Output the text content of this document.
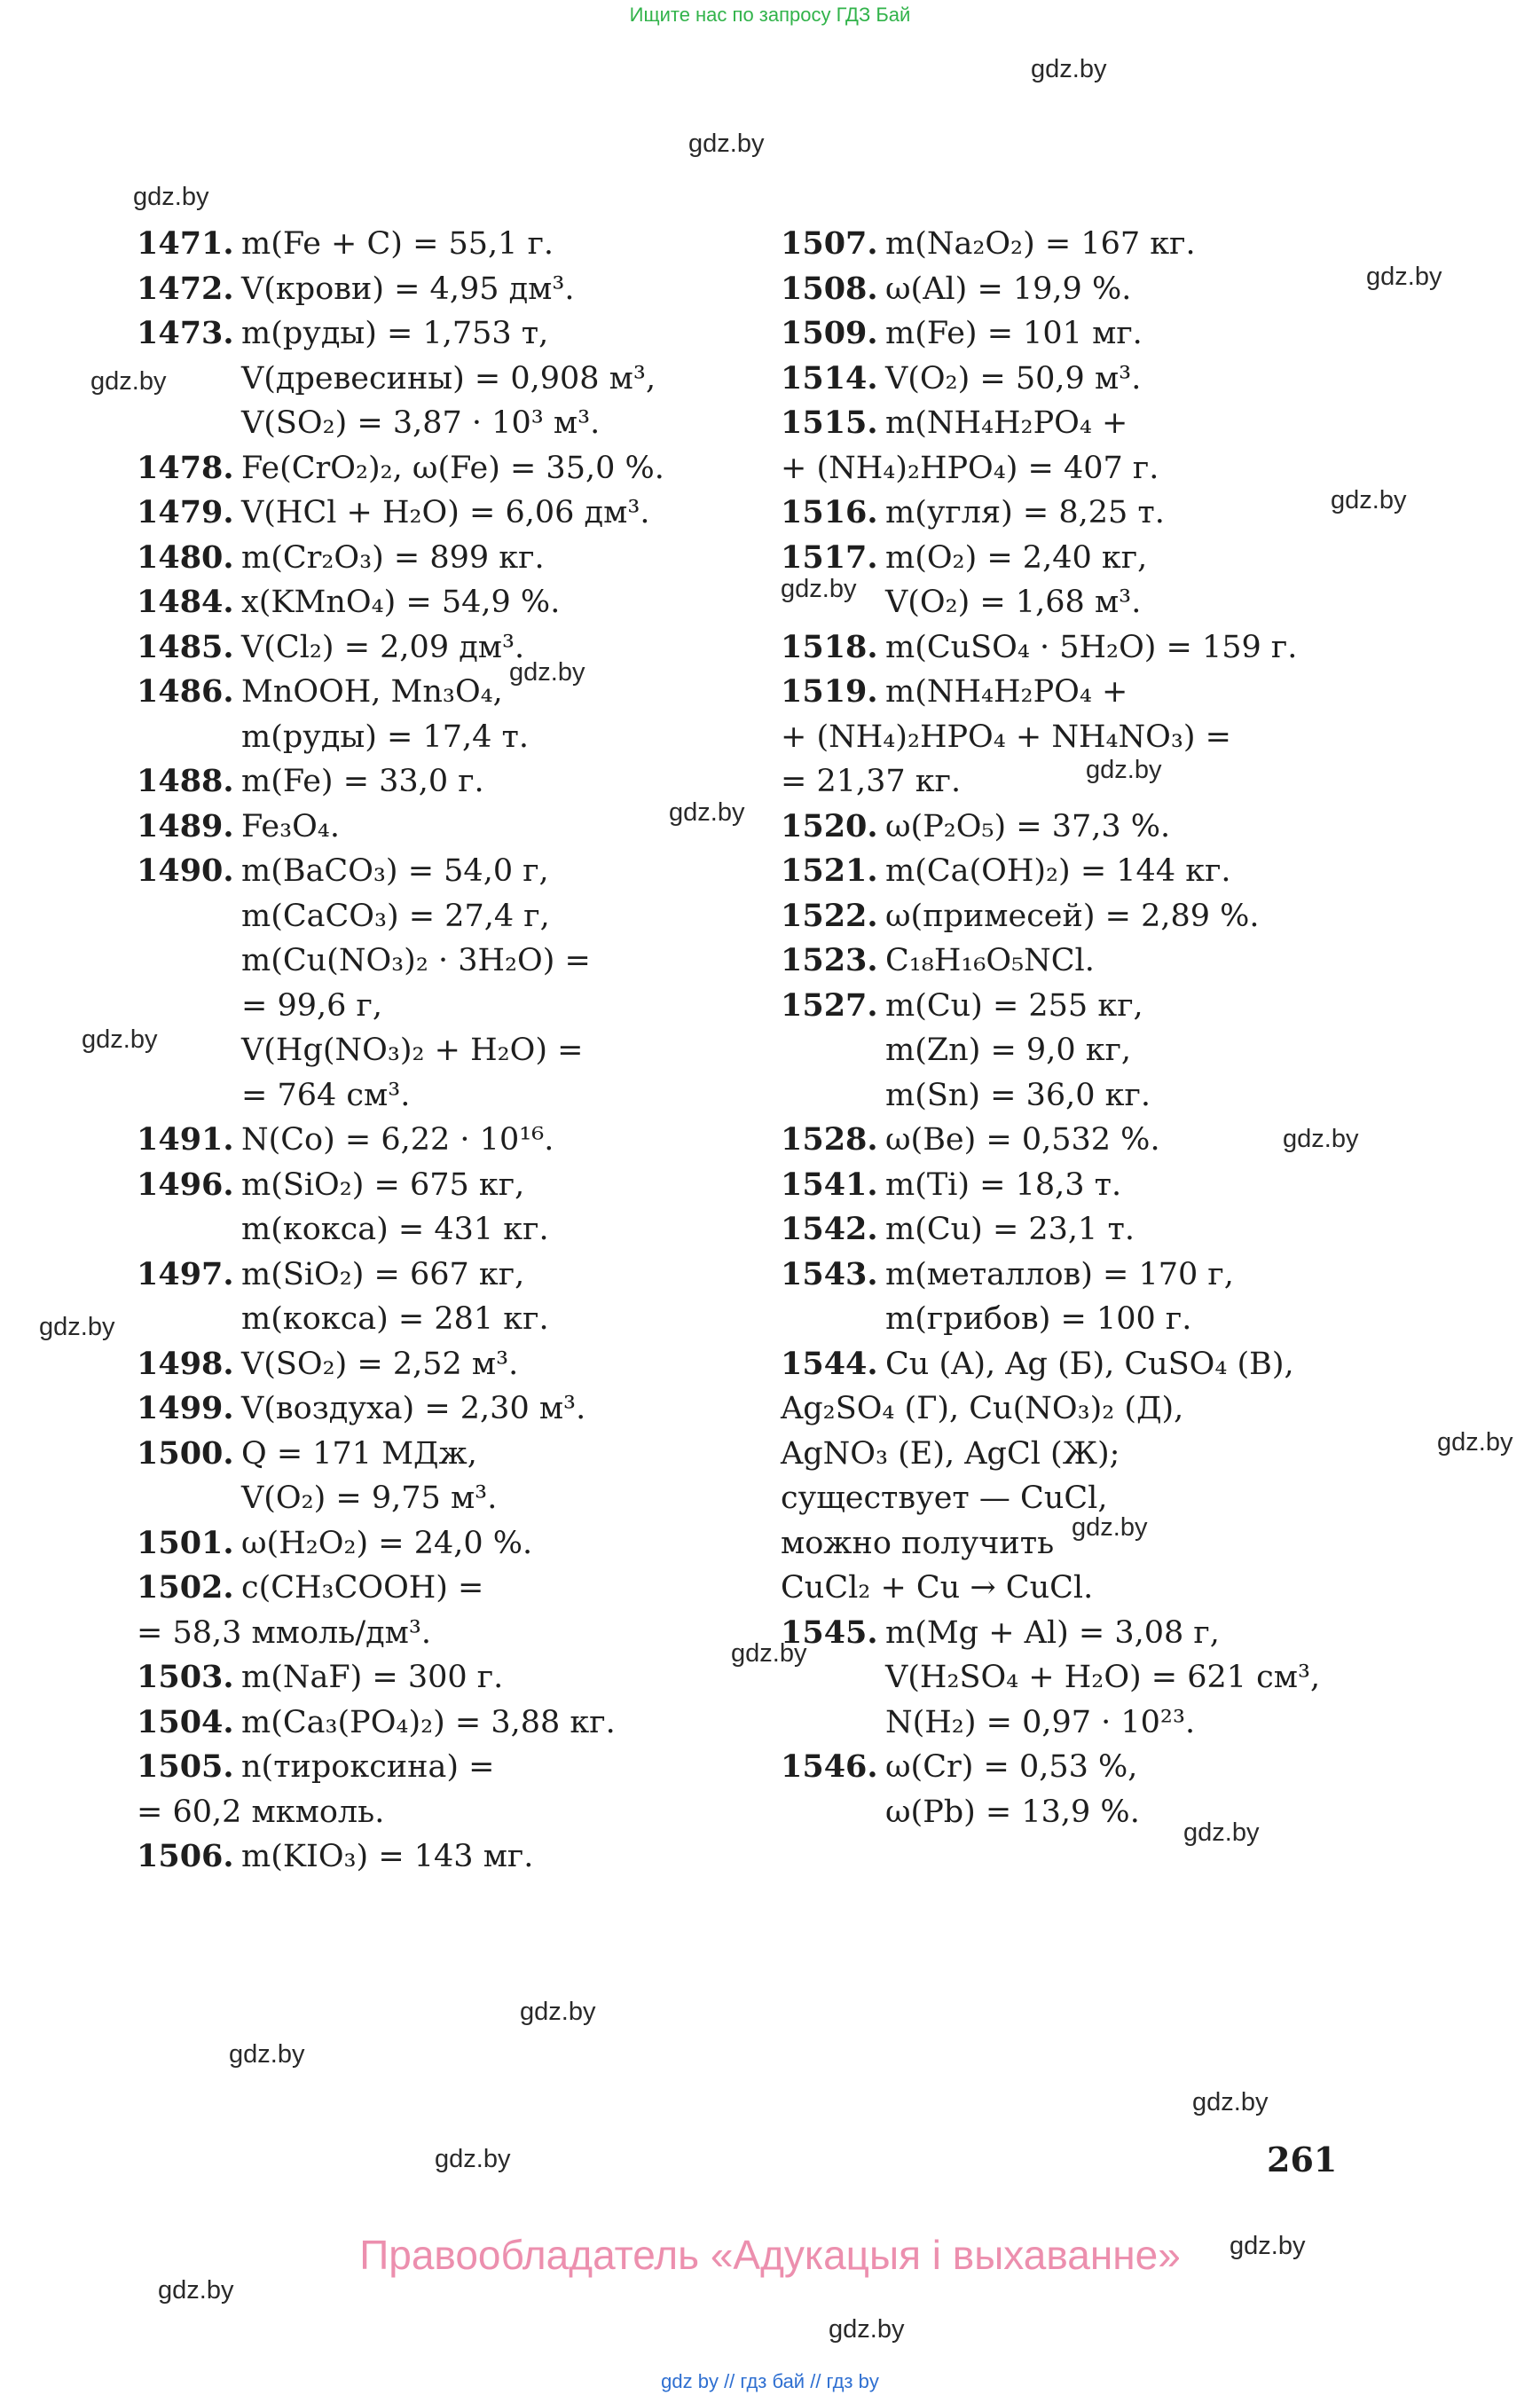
Ищите нас по запросу ГДЗ Бай
1471. m(Fe + C) = 55,1 г.
1472. V(крови) = 4,95 дм³.
1473. m(руды) = 1,753 т,
V(древесины) = 0,908 м³,
V(SO₂) = 3,87 · 10³ м³.
1478. Fe(CrO₂)₂, ω(Fe) = 35,0 %.
1479. V(HCl + H₂O) = 6,06 дм³.
1480. m(Cr₂O₃) = 899 кг.
1484. x(KMnO₄) = 54,9 %.
1485. V(Cl₂) = 2,09 дм³.
1486. MnOOH, Mn₃O₄,
m(руды) = 17,4 т.
1488. m(Fe) = 33,0 г.
1489. Fe₃O₄.
1490. m(BaCO₃) = 54,0 г,
m(CaCO₃) = 27,4 г,
m(Cu(NO₃)₂ · 3H₂O) =
= 99,6 г,
V(Hg(NO₃)₂ + H₂O) =
= 764 см³.
1491. N(Co) = 6,22 · 10¹⁶.
1496. m(SiO₂) = 675 кг,
m(кокса) = 431 кг.
1497. m(SiO₂) = 667 кг,
m(кокса) = 281 кг.
1498. V(SO₂) = 2,52 м³.
1499. V(воздуха) = 2,30 м³.
1500. Q = 171 МДж,
V(O₂) = 9,75 м³.
1501. ω(H₂O₂) = 24,0 %.
1502. c(CH₃COOH) =
= 58,3 ммоль/дм³.
1503. m(NaF) = 300 г.
1504. m(Ca₃(PO₄)₂) = 3,88 кг.
1505. n(тироксина) =
= 60,2 мкмоль.
1506. m(KIO₃) = 143 мг.
1507. m(Na₂O₂) = 167 кг.
1508. ω(Al) = 19,9 %.
1509. m(Fe) = 101 мг.
1514. V(O₂) = 50,9 м³.
1515. m(NH₄H₂PO₄ +
+ (NH₄)₂HPO₄) = 407 г.
1516. m(угля) = 8,25 т.
1517. m(O₂) = 2,40 кг,
V(O₂) = 1,68 м³.
1518. m(CuSO₄ · 5H₂O) = 159 г.
1519. m(NH₄H₂PO₄ +
+ (NH₄)₂HPO₄ + NH₄NO₃) =
= 21,37 кг.
1520. ω(P₂O₅) = 37,3 %.
1521. m(Ca(OH)₂) = 144 кг.
1522. ω(примесей) = 2,89 %.
1523. C₁₈H₁₆O₅NCl.
1527. m(Cu) = 255 кг,
m(Zn) = 9,0 кг,
m(Sn) = 36,0 кг.
1528. ω(Be) = 0,532 %.
1541. m(Ti) = 18,3 т.
1542. m(Cu) = 23,1 т.
1543. m(металлов) = 170 г,
m(грибов) = 100 г.
1544. Cu (A), Ag (Б), CuSO₄ (В),
Ag₂SO₄ (Г), Cu(NO₃)₂ (Д),
AgNO₃ (Е), AgCl (Ж);
существует — CuCl,
можно получить
CuCl₂ + Cu → CuCl.
1545. m(Mg + Al) = 3,08 г,
V(H₂SO₄ + H₂O) = 621 см³,
N(H₂) = 0,97 · 10²³.
1546. ω(Cr) = 0,53 %,
ω(Pb) = 13,9 %.
gdz.by
gdz.by
gdz.by
gdz.by
gdz.by
gdz.by
gdz.by
gdz.by
gdz.by
gdz.by
gdz.by
gdz.by
gdz.by
gdz.by
gdz.by
gdz.by
gdz.by
gdz.by
gdz.by
gdz.by
gdz.by
gdz.by
gdz.by
gdz.by
261
Правообладатель «Адукацыя і выхаванне»
gdz by // гдз бай // гдз by
